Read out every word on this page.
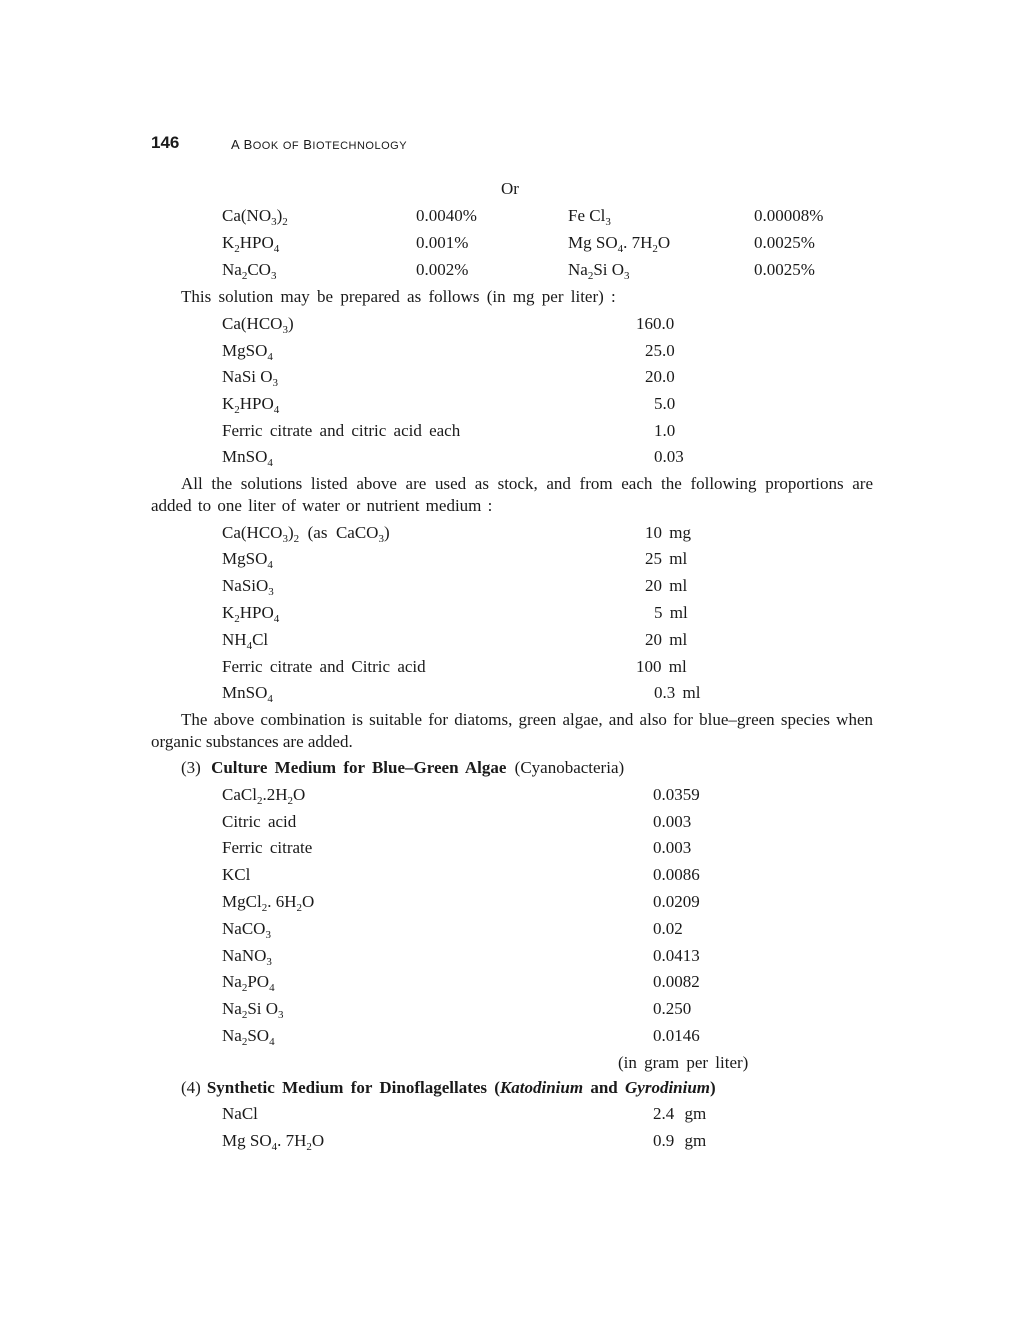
146	A BOOK OF BIOTECHNOLOGY
Or
$Ca(NO_3)_2$	0.0040%	Fe $Cl_3$	0.00008%
$K_2HPO_4$	0.001%	Mg $SO_4$. $7H_2O$	0.0025%
$Na_2CO_3$	0.002%	$Na_2Si$ $O_3$	0.0025%
This solution may be prepared as follows (in mg per liter) :
$Ca(HCO_3)$	160.0
MgSO$_4$	25.0
NaSi $O_3$	20.0
$K_2HPO_4$	5.0
Ferric citrate and citric acid each	1.0
MnSO$_4$	0.03
All the solutions listed above are used as stock, and from each the following proportions are added to one liter of water or nutrient medium :
$Ca(HCO_3)_2$  (as  CaCO$_3$)	10 mg
MgSO$_4$	25 ml
NaSiO$_3$	20 ml
$K_2HPO_4$	5 ml
$NH_4Cl$	20 ml
Ferric citrate and Citric acid	100 ml
MnSO$_4$	0.3 ml
The above combination is suitable for diatoms, green algae, and also for blue–green species when organic substances are added.
(3) Culture Medium for Blue–Green Algae (Cyanobacteria)
$CaCl_2.2H_2O$	0.0359
Citric acid	0.003
Ferric citrate	0.003
KCl	0.0086
MgCl$_2$. $6H_2O$	0.0209
NaCO$_3$	0.02
NaNO$_3$	0.0413
$Na_2PO_4$	0.0082
$Na_2Si$ $O_3$	0.250
$Na_2SO_4$	0.0146
(in gram per liter)
(4) Synthetic Medium for Dinoflagellates (Katodinium and Gyrodinium)
NaCl	2.4 gm
Mg $SO_4$. $7H_2O$	0.9 gm
